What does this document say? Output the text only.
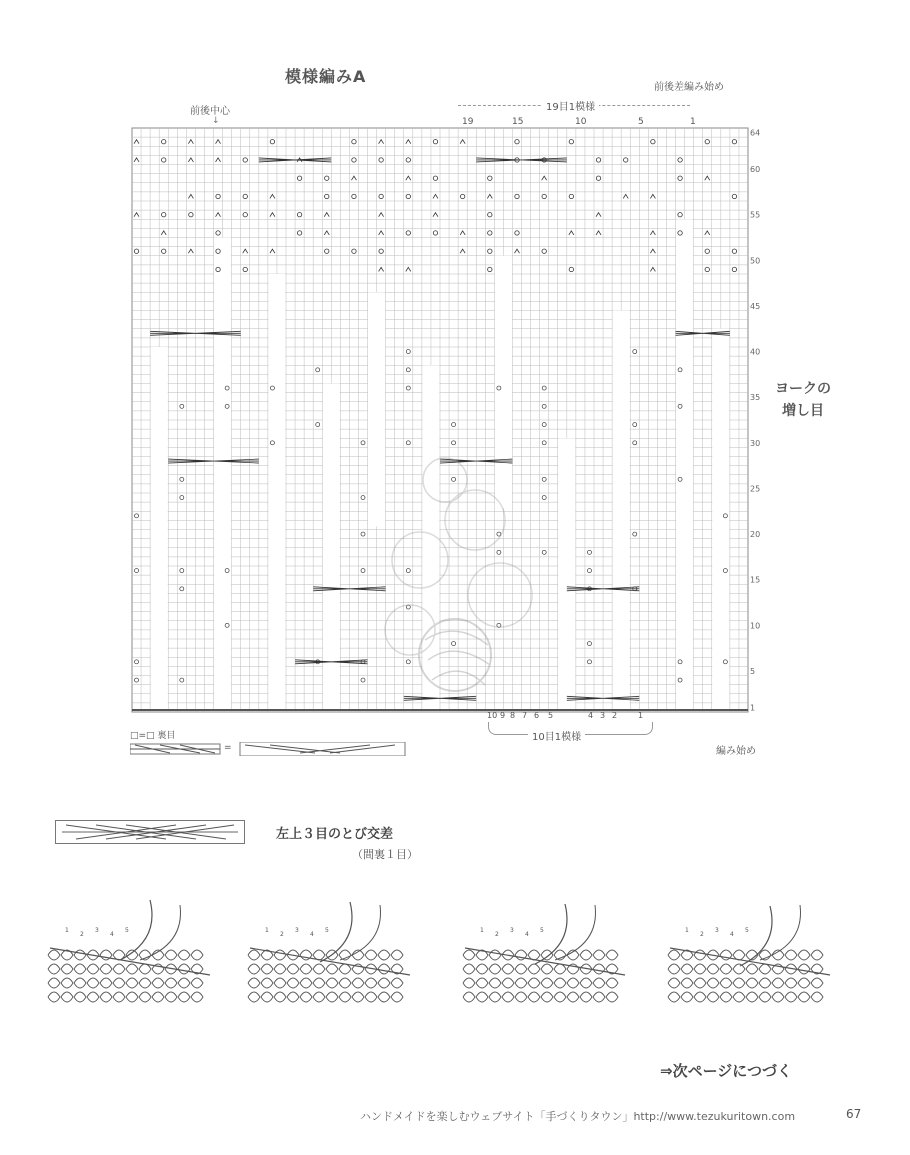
模様編みA
前後中心
↓
前後差編み始め
19目1模様
19	15	10	5	1
64
60
55
50
45
40
35
30
25
20
15
10
5
1
10 9 8 7 6 5	4 3 2	1
ヨークの
増し目
10目1模様
編み始め
□=□ 裏目
=
左上３目のとび交差
（間裏１目）
1
2
3
4
5	1
2
3
4
5	1
2
3
4
5	1
2
3
4
5
⇒次ページにつづく
ハンドメイドを楽しむウェブサイト「手づくりタウン」http://www.tezukuritown.com	67
